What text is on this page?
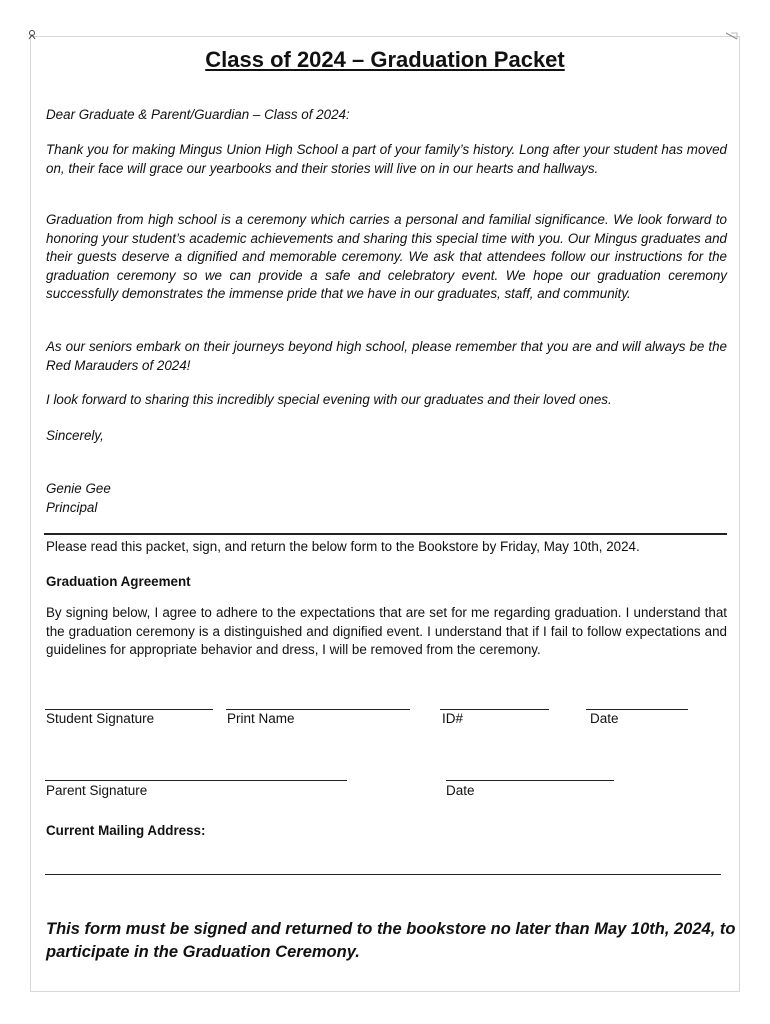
Class of 2024 – Graduation Packet

Dear Graduate & Parent/Guardian – Class of 2024:

Thank you for making Mingus Union High School a part of your family’s history. Long after your student has moved on, their face will grace our yearbooks and their stories will live on in our hearts and hallways.

Graduation from high school is a ceremony which carries a personal and familial significance. We look forward to honoring your student’s academic achievements and sharing this special time with you. Our Mingus graduates and their guests deserve a dignified and memorable ceremony. We ask that attendees follow our instructions for the graduation ceremony so we can provide a safe and celebratory event. We hope our graduation ceremony successfully demonstrates the immense pride that we have in our graduates, staff, and community.

As our seniors embark on their journeys beyond high school, please remember that you are and will always be the Red Marauders of 2024!

I look forward to sharing this incredibly special evening with our graduates and their loved ones.

Sincerely,

Genie Gee

Principal

Please read this packet, sign, and return the below form to the Bookstore by Friday, May 10th, 2024.

Graduation Agreement

By signing below, I agree to adhere to the expectations that are set for me regarding graduation. I understand that the graduation ceremony is a distinguished and dignified event. I understand that if I fail to follow expectations and guidelines for appropriate behavior and dress, I will be removed from the ceremony.

Student Signature	Print Name	ID#	Date
Parent Signature	Date

Current Mailing Address:

This form must be signed and returned to the bookstore no later than May 10th, 2024, to participate in the Graduation Ceremony.
